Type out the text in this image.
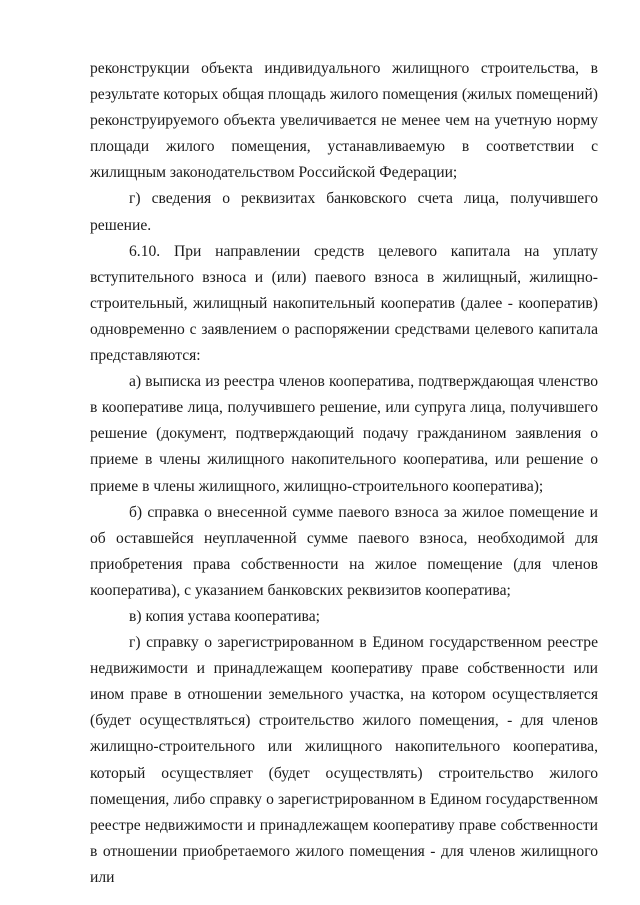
реконструкции объекта индивидуального жилищного строительства, в результате которых общая площадь жилого помещения (жилых помещений) реконструируемого объекта увеличивается не менее чем на учетную норму площади жилого помещения, устанавливаемую в соответствии с жилищным законодательством Российской Федерации;

г) сведения о реквизитах банковского счета лица, получившего решение.

6.10. При направлении средств целевого капитала на уплату вступительного взноса и (или) паевого взноса в жилищный, жилищно-строительный, жилищный накопительный кооператив (далее - кооператив) одновременно с заявлением о распоряжении средствами целевого капитала представляются:

а) выписка из реестра членов кооператива, подтверждающая членство в кооперативе лица, получившего решение, или супруга лица, получившего решение (документ, подтверждающий подачу гражданином заявления о приеме в члены жилищного накопительного кооператива, или решение о приеме в члены жилищного, жилищно-строительного кооператива);

б) справка о внесенной сумме паевого взноса за жилое помещение и об оставшейся неуплаченной сумме паевого взноса, необходимой для приобретения права собственности на жилое помещение (для членов кооператива), с указанием банковских реквизитов кооператива;

в) копия устава кооператива;

г) справку о зарегистрированном в Едином государственном реестре недвижимости и принадлежащем кооперативу праве собственности или ином праве в отношении земельного участка, на котором осуществляется (будет осуществляться) строительство жилого помещения, - для членов жилищно-строительного или жилищного накопительного кооператива, который осуществляет (будет осуществлять) строительство жилого помещения, либо справку о зарегистрированном в Едином государственном реестре недвижимости и принадлежащем кооперативу праве собственности в отношении приобретаемого жилого помещения - для членов жилищного или
